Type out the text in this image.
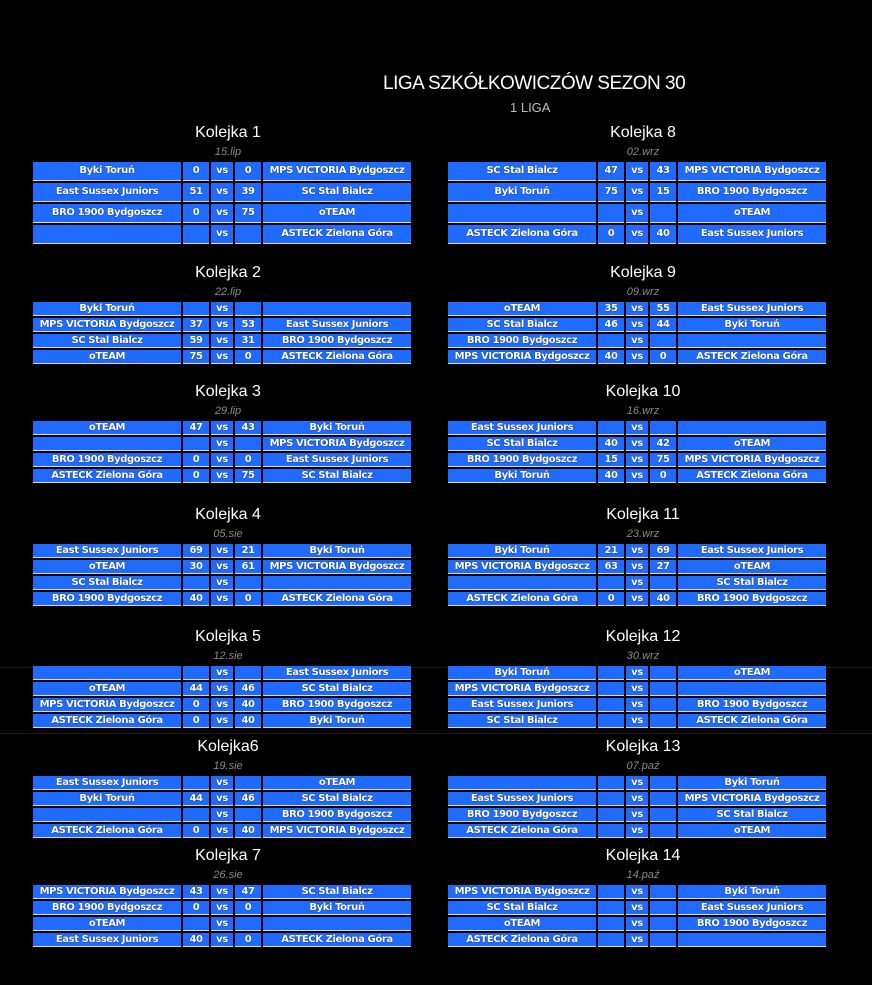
LIGA SZKÓŁKOWICZÓW SEZON 30
1 LIGA
Kolejka 1
15.lip
Byki Toruń	0	vs	0	MPS VICTORIA Bydgoszcz
East Sussex Juniors	51	vs	39	SC Stal Bialcz
BRO 1900 Bydgoszcz	0	vs	75	oTEAM
		vs		ASTECK Zielona Góra
Kolejka 8
02.wrz
SC Stal Bialcz	47	vs	43	MPS VICTORIA Bydgoszcz
Byki Toruń	75	vs	15	BRO 1900 Bydgoszcz
		vs		oTEAM
ASTECK Zielona Góra	0	vs	40	East Sussex Juniors
Kolejka 2
22.lip
Byki Toruń		vs		
MPS VICTORIA Bydgoszcz	37	vs	53	East Sussex Juniors
SC Stal Bialcz	59	vs	31	BRO 1900 Bydgoszcz
oTEAM	75	vs	0	ASTECK Zielona Góra
Kolejka 9
09.wrz
oTEAM	35	vs	55	East Sussex Juniors
SC Stal Bialcz	46	vs	44	Byki Toruń
BRO 1900 Bydgoszcz		vs		
MPS VICTORIA Bydgoszcz	40	vs	0	ASTECK Zielona Góra
Kolejka 3
29.lip
oTEAM	47	vs	43	Byki Toruń
		vs		MPS VICTORIA Bydgoszcz
BRO 1900 Bydgoszcz	0	vs	0	East Sussex Juniors
ASTECK Zielona Góra	0	vs	75	SC Stal Bialcz
Kolejka 10
16.wrz
East Sussex Juniors		vs		
SC Stal Bialcz	40	vs	42	oTEAM
BRO 1900 Bydgoszcz	15	vs	75	MPS VICTORIA Bydgoszcz
Byki Toruń	40	vs	0	ASTECK Zielona Góra
Kolejka 4
05.sie
East Sussex Juniors	69	vs	21	Byki Toruń
oTEAM	30	vs	61	MPS VICTORIA Bydgoszcz
SC Stal Bialcz		vs		
BRO 1900 Bydgoszcz	40	vs	0	ASTECK Zielona Góra
Kolejka 11
23.wrz
Byki Toruń	21	vs	69	East Sussex Juniors
MPS VICTORIA Bydgoszcz	63	vs	27	oTEAM
		vs		SC Stal Bialcz
ASTECK Zielona Góra	0	vs	40	BRO 1900 Bydgoszcz
Kolejka 5
12.sie
		vs		East Sussex Juniors
oTEAM	44	vs	46	SC Stal Bialcz
MPS VICTORIA Bydgoszcz	0	vs	40	BRO 1900 Bydgoszcz
ASTECK Zielona Góra	0	vs	40	Byki Toruń
Kolejka 12
30.wrz
Byki Toruń		vs		oTEAM
MPS VICTORIA Bydgoszcz		vs		
East Sussex Juniors		vs		BRO 1900 Bydgoszcz
SC Stal Bialcz		vs		ASTECK Zielona Góra
Kolejka6
19.sie
East Sussex Juniors		vs		oTEAM
Byki Toruń	44	vs	46	SC Stal Bialcz
		vs		BRO 1900 Bydgoszcz
ASTECK Zielona Góra	0	vs	40	MPS VICTORIA Bydgoszcz
Kolejka 13
07.paź
		vs		Byki Toruń
East Sussex Juniors		vs		MPS VICTORIA Bydgoszcz
BRO 1900 Bydgoszcz		vs		SC Stal Bialcz
ASTECK Zielona Góra		vs		oTEAM
Kolejka 7
26.sie
MPS VICTORIA Bydgoszcz	43	vs	47	SC Stal Bialcz
BRO 1900 Bydgoszcz	0	vs	0	Byki Toruń
oTEAM		vs		
East Sussex Juniors	40	vs	0	ASTECK Zielona Góra
Kolejka 14
14.paź
MPS VICTORIA Bydgoszcz		vs		Byki Toruń
SC Stal Bialcz		vs		East Sussex Juniors
oTEAM		vs		BRO 1900 Bydgoszcz
ASTECK Zielona Góra		vs		
